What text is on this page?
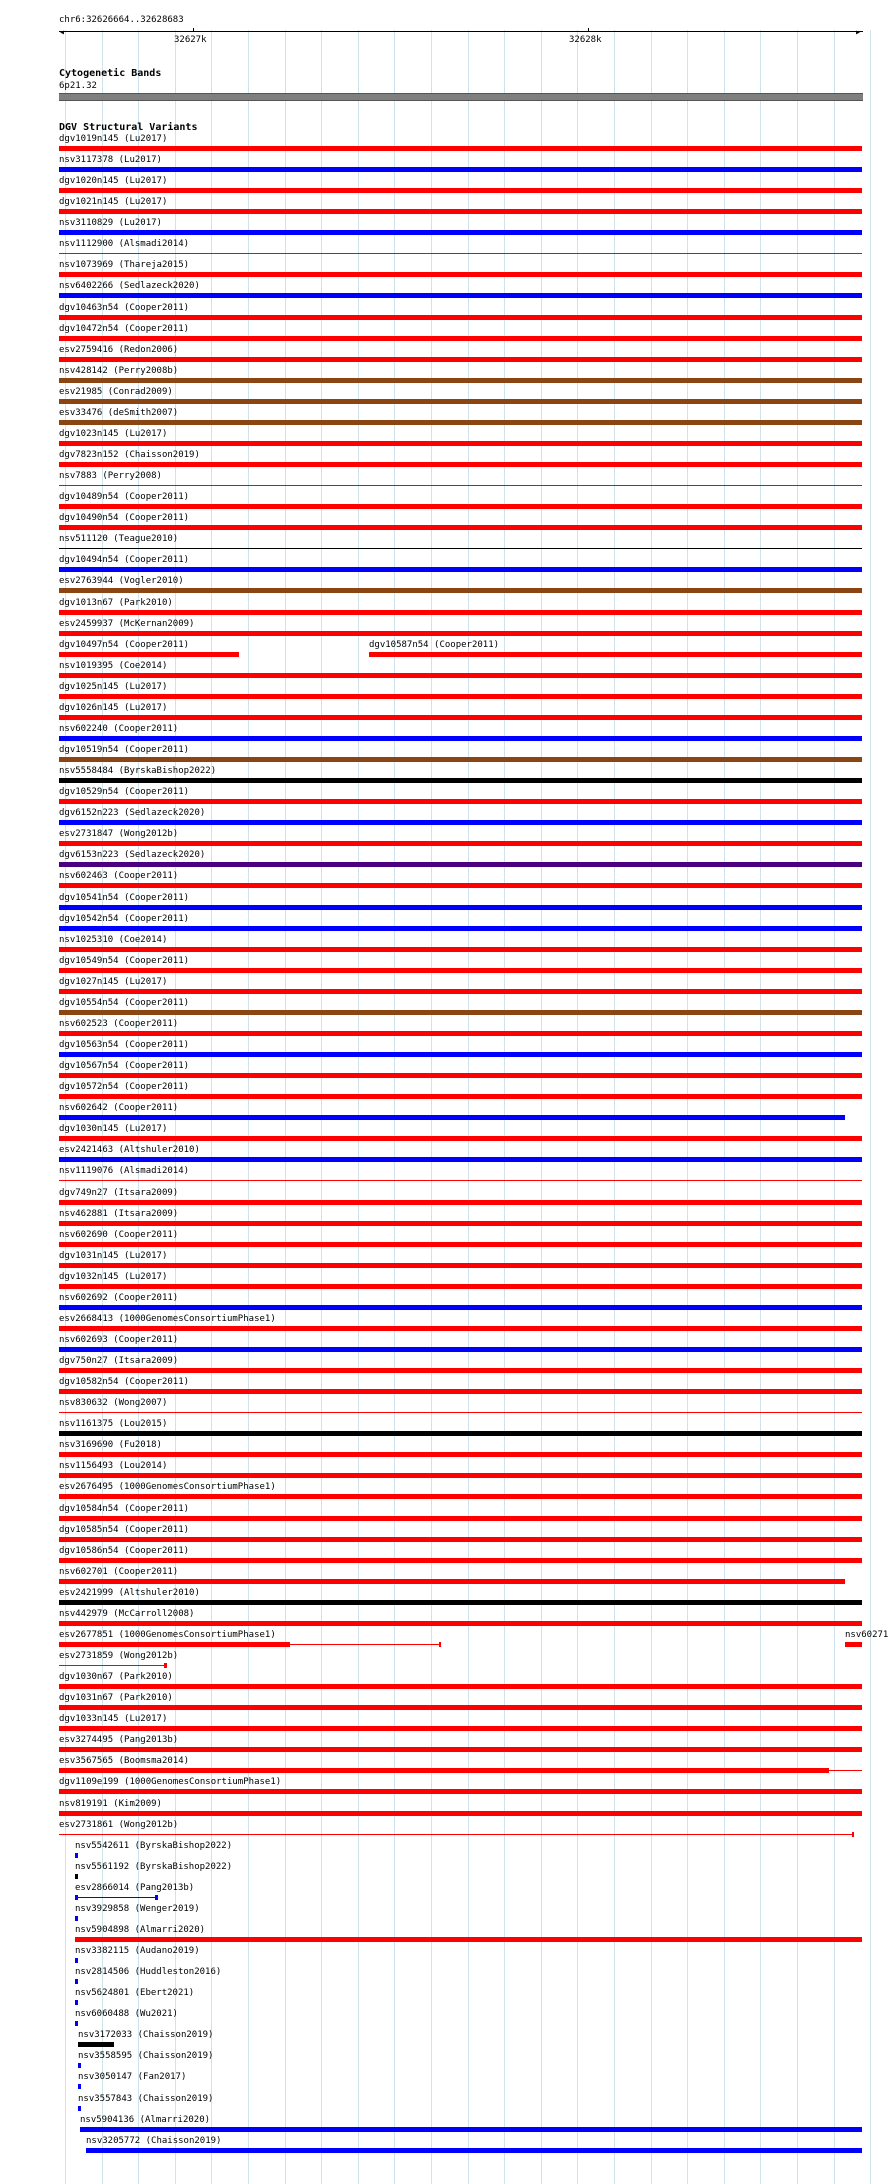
chr6:32626664..32628683
◂	▸
32627k	32628k
Cytogenetic Bands
6p21.32
DGV Structural Variants
dgv1019n145 (Lu2017)
nsv3117378 (Lu2017)
dgv1020n145 (Lu2017)
dgv1021n145 (Lu2017)
nsv3110829 (Lu2017)
nsv1112900 (Alsmadi2014)
nsv1073969 (Thareja2015)
nsv6402266 (Sedlazeck2020)
dgv10463n54 (Cooper2011)
dgv10472n54 (Cooper2011)
esv2759416 (Redon2006)
nsv428142 (Perry2008b)
esv21985 (Conrad2009)
esv33476 (deSmith2007)
dgv1023n145 (Lu2017)
dgv7823n152 (Chaisson2019)
nsv7883 (Perry2008)
dgv10489n54 (Cooper2011)
dgv10490n54 (Cooper2011)
nsv511120 (Teague2010)
dgv10494n54 (Cooper2011)
esv2763944 (Vogler2010)
dgv1013n67 (Park2010)
esv2459937 (McKernan2009)
dgv10497n54 (Cooper2011)	dgv10587n54 (Cooper2011)
nsv1019395 (Coe2014)
dgv1025n145 (Lu2017)
dgv1026n145 (Lu2017)
nsv602240 (Cooper2011)
dgv10519n54 (Cooper2011)
nsv5558484 (ByrskaBishop2022)
dgv10529n54 (Cooper2011)
dgv6152n223 (Sedlazeck2020)
esv2731847 (Wong2012b)
dgv6153n223 (Sedlazeck2020)
nsv602463 (Cooper2011)
dgv10541n54 (Cooper2011)
dgv10542n54 (Cooper2011)
nsv1025310 (Coe2014)
dgv10549n54 (Cooper2011)
dgv1027n145 (Lu2017)
dgv10554n54 (Cooper2011)
nsv602523 (Cooper2011)
dgv10563n54 (Cooper2011)
dgv10567n54 (Cooper2011)
dgv10572n54 (Cooper2011)
nsv602642 (Cooper2011)
dgv1030n145 (Lu2017)
esv2421463 (Altshuler2010)
nsv1119076 (Alsmadi2014)
dgv749n27 (Itsara2009)
nsv462881 (Itsara2009)
nsv602690 (Cooper2011)
dgv1031n145 (Lu2017)
dgv1032n145 (Lu2017)
nsv602692 (Cooper2011)
esv2668413 (1000GenomesConsortiumPhase1)
nsv602693 (Cooper2011)
dgv750n27 (Itsara2009)
dgv10582n54 (Cooper2011)
nsv830632 (Wong2007)
nsv1161375 (Lou2015)
nsv3169690 (Fu2018)
nsv1156493 (Lou2014)
esv2676495 (1000GenomesConsortiumPhase1)
dgv10584n54 (Cooper2011)
dgv10585n54 (Cooper2011)
dgv10586n54 (Cooper2011)
nsv602701 (Cooper2011)
esv2421999 (Altshuler2010)
nsv442979 (McCarroll2008)
esv2677851 (1000GenomesConsortiumPhase1)	nsv60271
esv2731859 (Wong2012b)
dgv1030n67 (Park2010)
dgv1031n67 (Park2010)
dgv1033n145 (Lu2017)
esv3274495 (Pang2013b)
esv3567565 (Boomsma2014)
dgv1109e199 (1000GenomesConsortiumPhase1)
nsv819191 (Kim2009)
esv2731861 (Wong2012b)
nsv5542611 (ByrskaBishop2022)
nsv5561192 (ByrskaBishop2022)
esv2866014 (Pang2013b)
nsv3929858 (Wenger2019)
nsv5904898 (Almarri2020)
nsv3382115 (Audano2019)
nsv2814506 (Huddleston2016)
nsv5624801 (Ebert2021)
nsv6060488 (Wu2021)
nsv3172033 (Chaisson2019)
nsv3558595 (Chaisson2019)
nsv3050147 (Fan2017)
nsv3557843 (Chaisson2019)
nsv5904136 (Almarri2020)
nsv3205772 (Chaisson2019)
